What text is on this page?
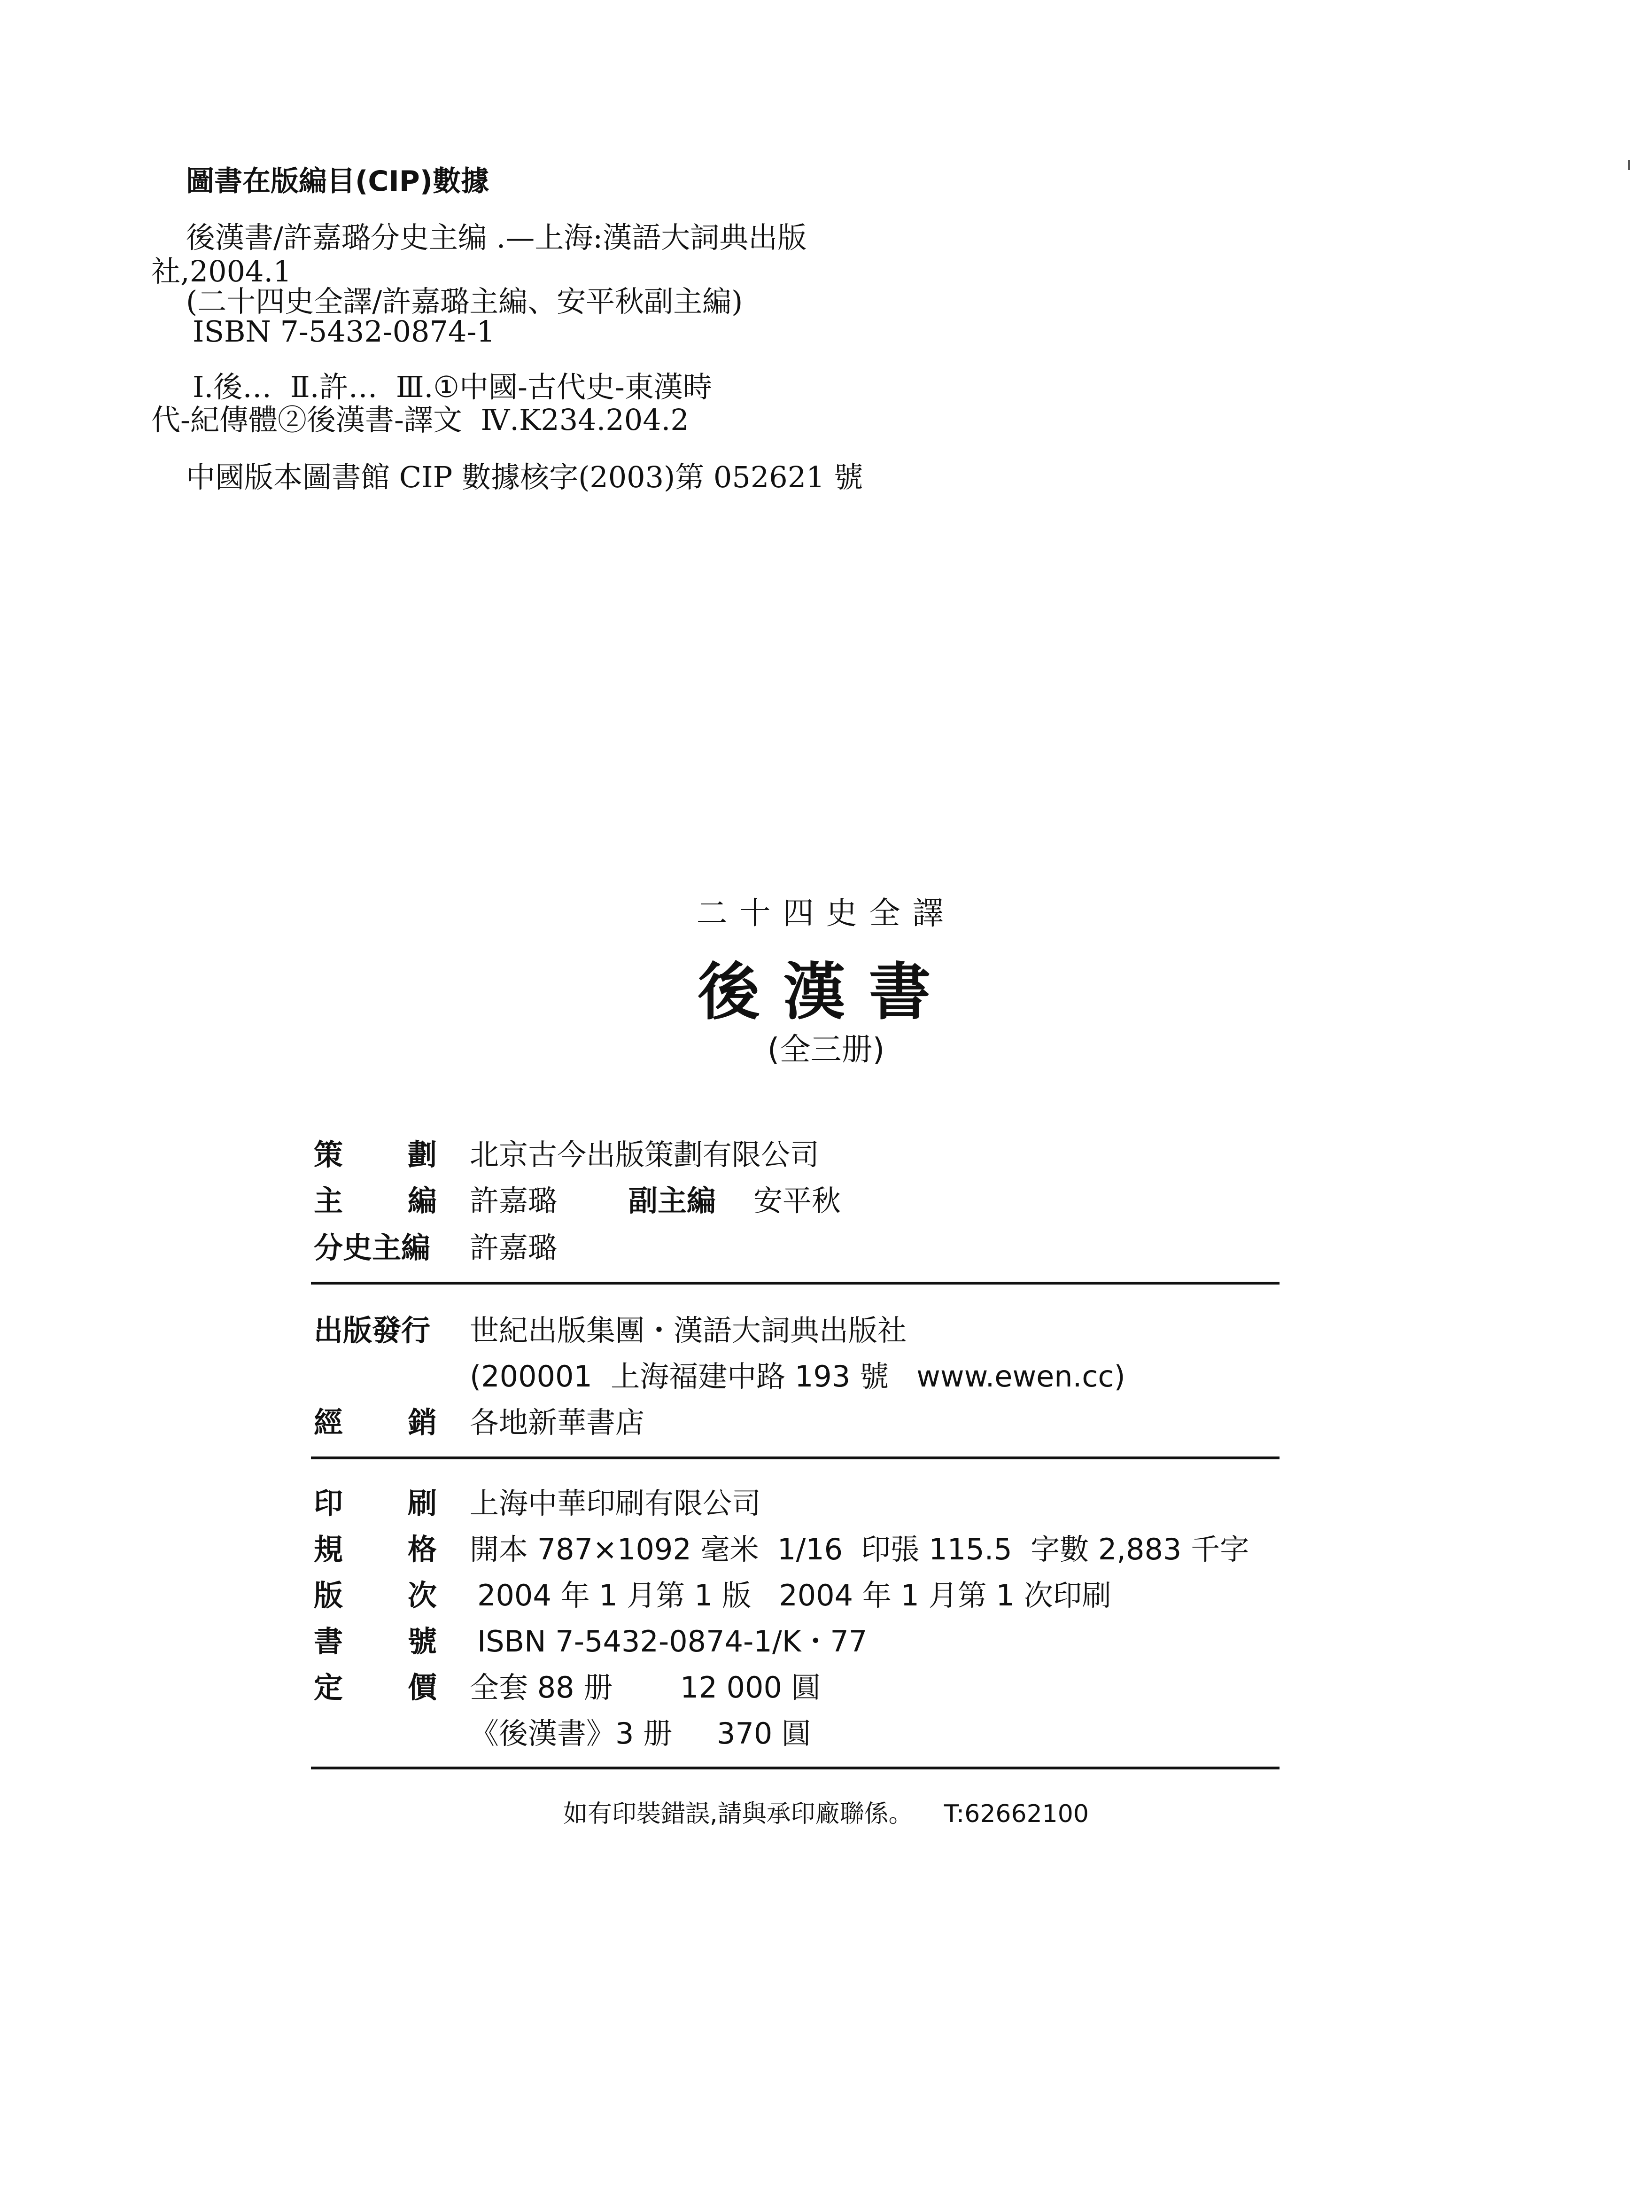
圖書在版編目(CIP)數據
後漢書/許嘉璐分史主编 .—上海:漢語大詞典出版
社,2004.1
(二十四史全譯/許嘉璐主編、安平秋副主編)
ISBN 7-5432-0874-1
Ⅰ.後…  Ⅱ.許…  Ⅲ.①中國-古代史-東漢時
代-紀傳體②後漢書-譯文  Ⅳ.K234.204.2
中國版本圖書館 CIP 數據核字(2003)第 052621 號
二十四史全譯
後漢書
(全三册)
策 劃 北京古今出版策劃有限公司
主 編 許嘉璐 副主編 安平秋
分史主編 許嘉璐
出版發行 世紀出版集團・漢語大詞典出版社
(200001  上海福建中路 193 號   www.ewen.cc)
經 銷 各地新華書店
印 刷 上海中華印刷有限公司
規 格 開本 787×1092 毫米  1/16  印張 115.5  字數 2,883 千字
版 次 2004 年 1 月第 1 版   2004 年 1 月第 1 次印刷
書 號 ISBN 7-5432-0874-1/K・77
定 價 全套 88 册 12 000 圓
《後漢書》3 册 370 圓
如有印裝錯誤,請與承印廠聯係。    T:62662100
